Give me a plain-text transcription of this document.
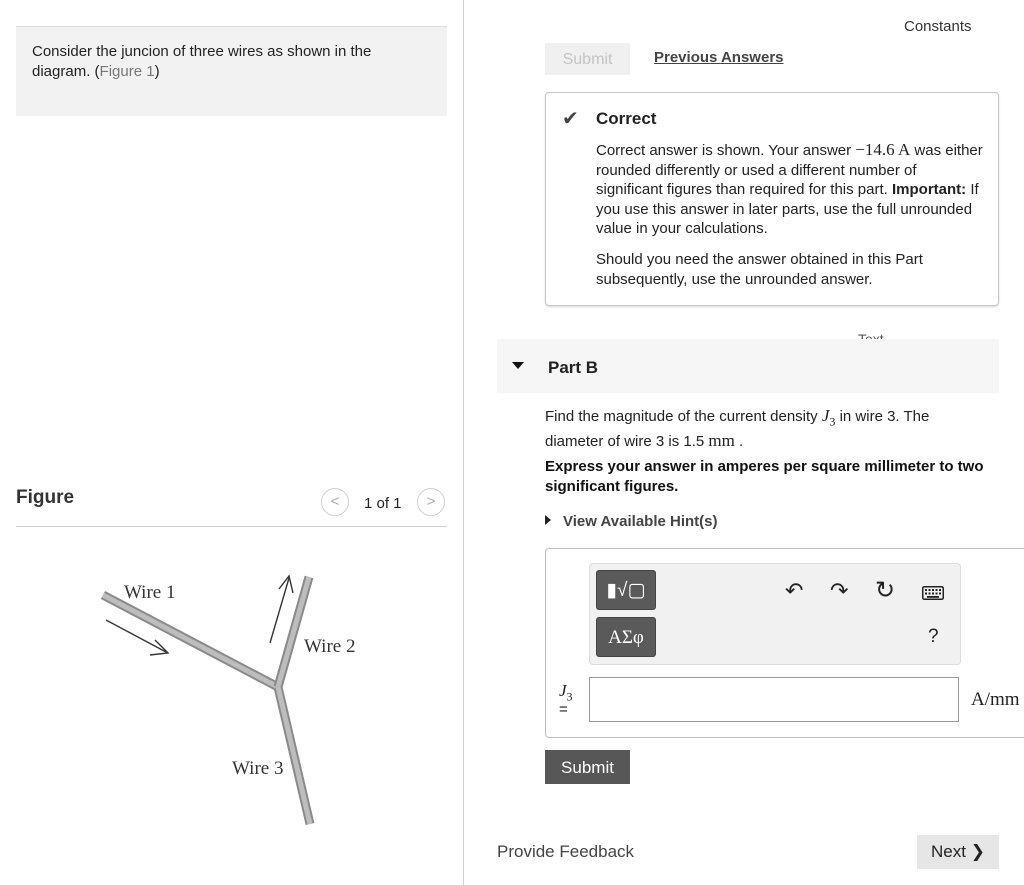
Consider the juncion of three wires as shown in the diagram. (Figure 1)
Figure	<	1 of 1	>
Wire 1
Wire 2
Wire 3
Constants
Submit	Previous Answers
✔ Correct
Correct answer is shown. Your answer −14.6 A was either rounded differently or used a different number of significant figures than required for this part. Important: If you use this answer in later parts, use the full unrounded value in your calculations.
Should you need the answer obtained in this Part subsequently, use the unrounded answer.
Part B
Find the magnitude of the current density $J_3$ in wire 3. The diameter of wire 3 is 1.5 mm .
Express your answer in amperes per square millimeter to two significant figures.
View Available Hint(s)
▮√▢
ΑΣφ
↶ ↷ ↻
?
$J_3$
=	A/mm
Submit
Provide Feedback	Next ❯
